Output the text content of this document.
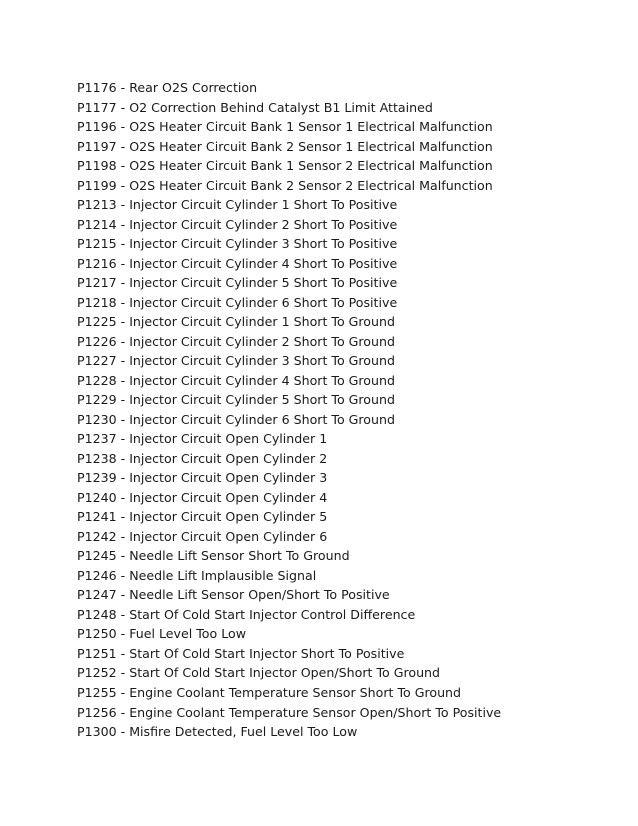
P1176 - Rear O2S Correction
P1177 - O2 Correction Behind Catalyst B1 Limit Attained
P1196 - O2S Heater Circuit Bank 1 Sensor 1 Electrical Malfunction
P1197 - O2S Heater Circuit Bank 2 Sensor 1 Electrical Malfunction
P1198 - O2S Heater Circuit Bank 1 Sensor 2 Electrical Malfunction
P1199 - O2S Heater Circuit Bank 2 Sensor 2 Electrical Malfunction
P1213 - Injector Circuit Cylinder 1 Short To Positive
P1214 - Injector Circuit Cylinder 2 Short To Positive
P1215 - Injector Circuit Cylinder 3 Short To Positive
P1216 - Injector Circuit Cylinder 4 Short To Positive
P1217 - Injector Circuit Cylinder 5 Short To Positive
P1218 - Injector Circuit Cylinder 6 Short To Positive
P1225 - Injector Circuit Cylinder 1 Short To Ground
P1226 - Injector Circuit Cylinder 2 Short To Ground
P1227 - Injector Circuit Cylinder 3 Short To Ground
P1228 - Injector Circuit Cylinder 4 Short To Ground
P1229 - Injector Circuit Cylinder 5 Short To Ground
P1230 - Injector Circuit Cylinder 6 Short To Ground
P1237 - Injector Circuit Open Cylinder 1
P1238 - Injector Circuit Open Cylinder 2
P1239 - Injector Circuit Open Cylinder 3
P1240 - Injector Circuit Open Cylinder 4
P1241 - Injector Circuit Open Cylinder 5
P1242 - Injector Circuit Open Cylinder 6
P1245 - Needle Lift Sensor Short To Ground
P1246 - Needle Lift Implausible Signal
P1247 - Needle Lift Sensor Open/Short To Positive
P1248 - Start Of Cold Start Injector Control Difference
P1250 - Fuel Level Too Low
P1251 - Start Of Cold Start Injector Short To Positive
P1252 - Start Of Cold Start Injector Open/Short To Ground
P1255 - Engine Coolant Temperature Sensor Short To Ground
P1256 - Engine Coolant Temperature Sensor Open/Short To Positive
P1300 - Misfire Detected, Fuel Level Too Low
